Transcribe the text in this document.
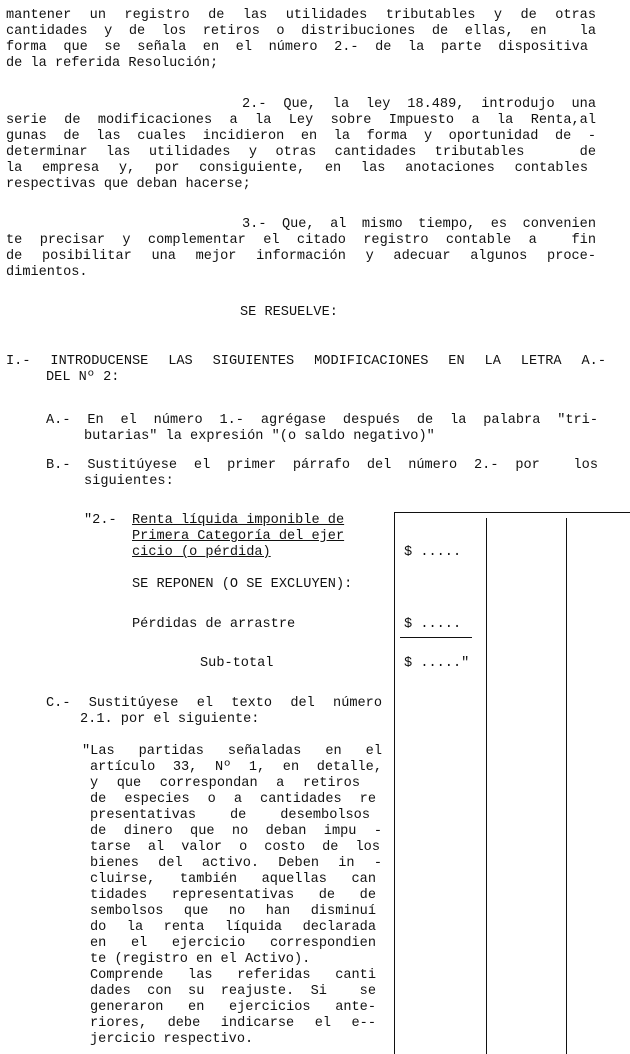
mantener un registro de las utilidades tributables y de otras
cantidades y de los retiros o distribuciones de ellas, en  la
forma que se señala en el número 2.- de la parte dispositiva
de la referida Resolución;
2.- Que, la ley 18.489, introdujo una
serie de modificaciones a la Ley sobre Impuesto a la Renta,al
gunas de las cuales incidieron en la forma y oportunidad de -
determinar las utilidades y otras cantidades tributables   de
la empresa y, por consiguiente, en las anotaciones contables
respectivas que deban hacerse;
3.- Que, al mismo tiempo, es convenien
te precisar y complementar el citado registro contable a  fin
de posibilitar una mejor información y adecuar algunos proce-
dimientos.
SE RESUELVE:
I.- INTRODUCENSE LAS SIGUIENTES MODIFICACIONES EN LA LETRA A.-
DEL Nº 2:
A.- En el número 1.- agrégase después de la palabra "tri-
butarias" la expresión "(o saldo negativo)"
B.- Sustitúyese el primer párrafo del número 2.- por  los
siguientes:
"2.- Renta líquida imponible de
Primera Categoría del ejer
cicio (o pérdida)	$ .....
SE REPONEN (O SE EXCLUYEN):
Pérdidas de arrastre	$ .....
Sub-total	$ ....."
C.- Sustitúyese el texto del número
2.1. por el siguiente:
"Las partidas señaladas en el
artículo 33, Nº 1, en detalle,
y que correspondan a retiros
de especies o a cantidades re
presentativas de desembolsos
de dinero que no deban impu -
tarse al valor o costo de los
bienes del activo. Deben in -
cluirse, también aquellas can
tidades representativas de de
sembolsos que no han disminuí
do la renta líquida declarada
en el ejercicio correspondien
te (registro en el Activo).
Comprende las referidas canti
dades con su reajuste. Si  se
generaron en ejercicios ante-
riores, debe indicarse el e--
jercicio respectivo.
